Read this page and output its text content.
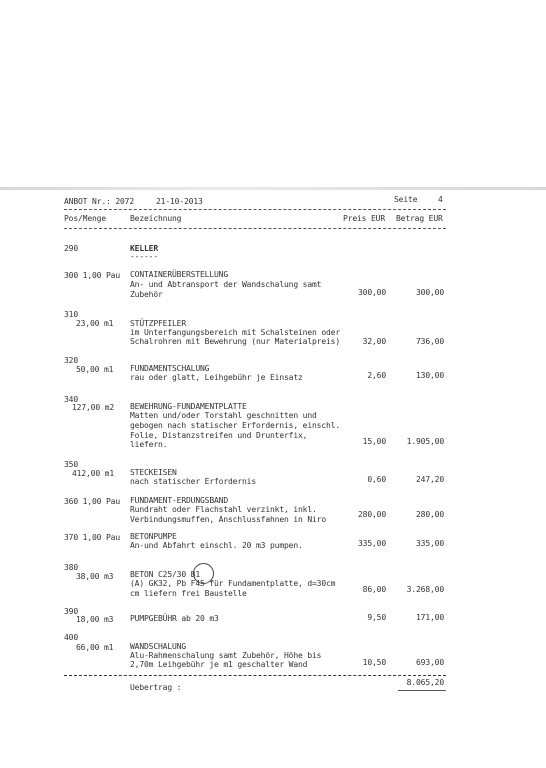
ANBOT Nr.: 2072	21-10-2013	Seite	4
Pos/Menge	Bezeichnung	Preis EUR Betrag EUR
290	KELLER
------
300 1,00 Pau CONTAINERÜBERSTELLUNG
An- und Abtransport der Wandschalung samt
Zubehör	300,00	300,00
310
23,00 m1 STÜTZPFEILER
im Unterfangungsbereich mit Schalsteinen oder
Schalrohren mit Bewehrung (nur Materialpreis)	32,00	736,00
320
50,00 m1 FUNDAMENTSCHALUNG
rau oder glatt, Leihgebühr je Einsatz	2,60	130,00
340
127,00 m2 BEWEHRUNG-FUNDAMENTPLATTE
Matten und/oder Torstahl geschnitten und
gebogen nach statischer Erfordernis, einschl.
Folie, Distanzstreifen und Drunterfix,
liefern.	15,00	1.905,00
350
412,00 m1 STECKEISEN
nach statischer Erfordernis	0,60	247,20
360 1,00 Pau FUNDAMENT-ERDUNGSBAND
Rundraht oder Flachstahl verzinkt, inkl.
Verbindungsmuffen, Anschlussfahnen in Niro
280,00	280,00
370 1,00 Pau BETONPUMPE
An-und Abfahrt einschl. 20 m3 pumpen.	335,00	335,00
380
38,00 m3 BETON C25/30 B1
(A) GK32, Pb F45 für Fundamentplatte, d=30cm
cm liefern frei Baustelle	86,00	3.268,00
390
18,00 m3 PUMPGEBÜHR ab 20 m3	9,50	171,00
400
66,00 m1 WANDSCHALUNG
Alu-Rahmenschalung samt Zubehör, Höhe bis
2,70m Leihgebühr je m1 geschalter Wand	10,50	693,00
Uebertrag :
8.065,20
